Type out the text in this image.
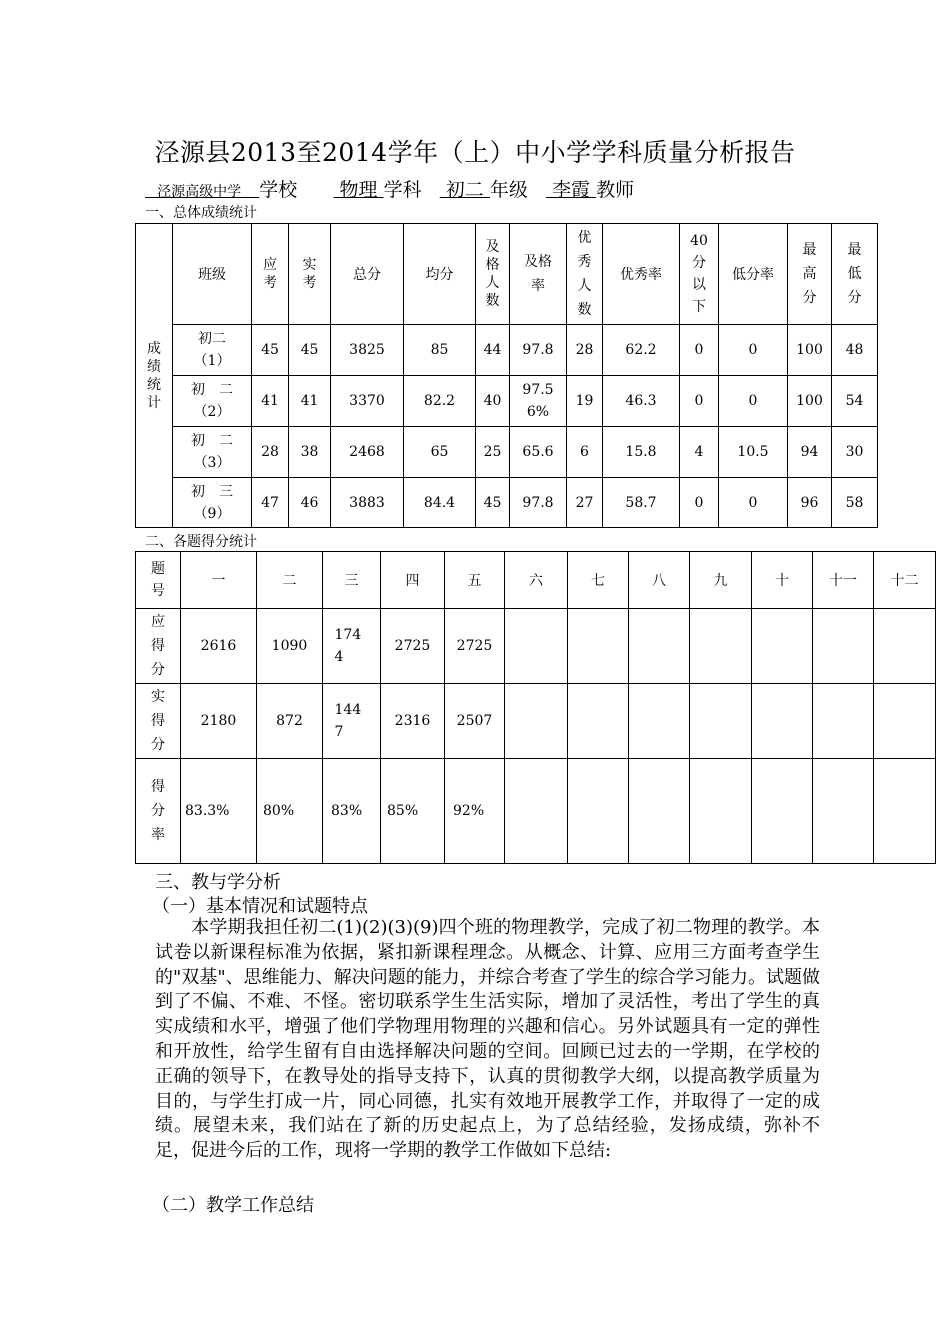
泾源县2013至2014学年（上）中小学学科质量分析报告
泾源高级中学 学校 物理 学科 初二 年级 李霞 教师
一、总体成绩统计
成绩统计	班级	应考	实考	总分	均分	及格人数	及格率	优秀人数	优秀率	40分以下	低分率	最高分	最低分

	初二（1）	45	45	3825	85	44	97.8	28	62.2	0	0	100	48

	初　二（2）	41	41	3370	82.2	40	97.56%	19	46.3	0	0	100	54

	初　二（3）	28	38	2468	65	25	65.6	6	15.8	4	10.5	94	30

	初　三（9）	47	46	3883	84.4	45	97.8	27	58.7	0	0	96	58
二、各题得分统计
题号	一	二	三	四	五	六	七	八	九	十	十一	十二

应得分	2616	1090	1744	2725	2725							

实得分	2180	872	1447	2316	2507							

得分率	83.3%	80%	83%	85%	92%							
三、教与学分析
（一）基本情况和试题特点
本学期我担任初二(1)(2)(3)(9)四个班的物理教学，完成了初二物理的教学。本试卷以新课程标准为依据，紧扣新课程理念。从概念、计算、应用三方面考查学生的"双基"、思维能力、解决问题的能力，并综合考查了学生的综合学习能力。试题做到了不偏、不难、不怪。密切联系学生生活实际，增加了灵活性，考出了学生的真实成绩和水平，增强了他们学物理用物理的兴趣和信心。另外试题具有一定的弹性和开放性，给学生留有自由选择解决问题的空间。回顾已过去的一学期，在学校的正确的领导下，在教导处的指导支持下，认真的贯彻教学大纲，以提高教学质量为目的，与学生打成一片，同心同德，扎实有效地开展教学工作，并取得了一定的成绩。展望未来，我们站在了新的历史起点上，为了总结经验，发扬成绩，弥补不足，促进今后的工作，现将一学期的教学工作做如下总结:
（二）教学工作总结
